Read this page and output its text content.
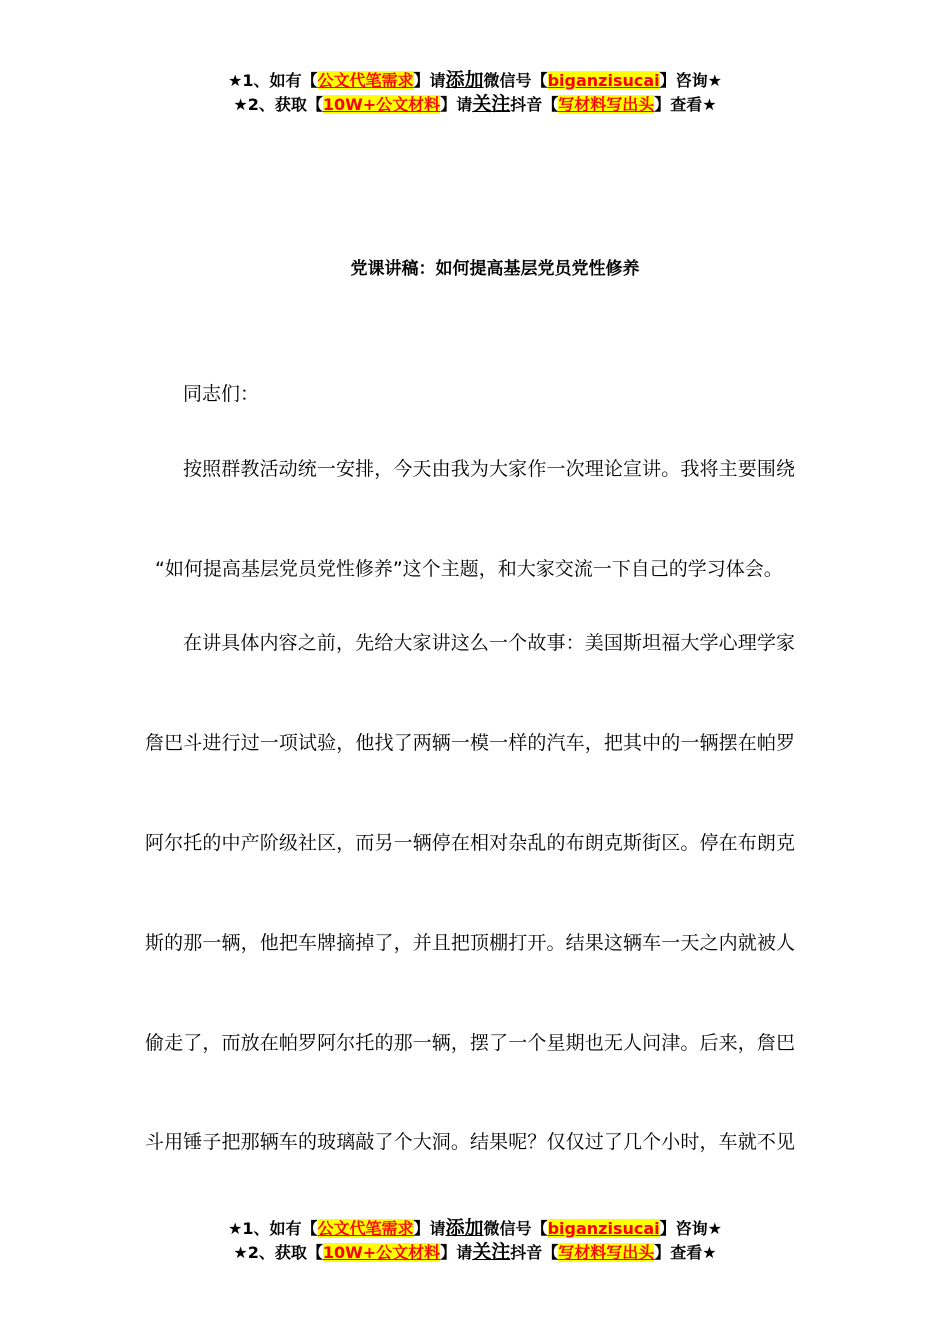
★1、如有【公文代笔需求】请添加微信号【biganzisucai】咨询★
★2、获取【10W+公文材料】请关注抖音【写材料写出头】查看★
党课讲稿：如何提高基层党员党性修养
同志们：
按照群教活动统一安排，今天由我为大家作一次理论宣讲。我将主要围绕
“如何提高基层党员党性修养”这个主题，和大家交流一下自己的学习体会。
在讲具体内容之前，先给大家讲这么一个故事：美国斯坦福大学心理学家
詹巴斗进行过一项试验，他找了两辆一模一样的汽车，把其中的一辆摆在帕罗
阿尔托的中产阶级社区，而另一辆停在相对杂乱的布朗克斯街区。停在布朗克
斯的那一辆，他把车牌摘掉了，并且把顶棚打开。结果这辆车一天之内就被人
偷走了，而放在帕罗阿尔托的那一辆，摆了一个星期也无人问津。后来，詹巴
斗用锤子把那辆车的玻璃敲了个大洞。结果呢？仅仅过了几个小时，车就不见
★1、如有【公文代笔需求】请添加微信号【biganzisucai】咨询★
★2、获取【10W+公文材料】请关注抖音【写材料写出头】查看★
